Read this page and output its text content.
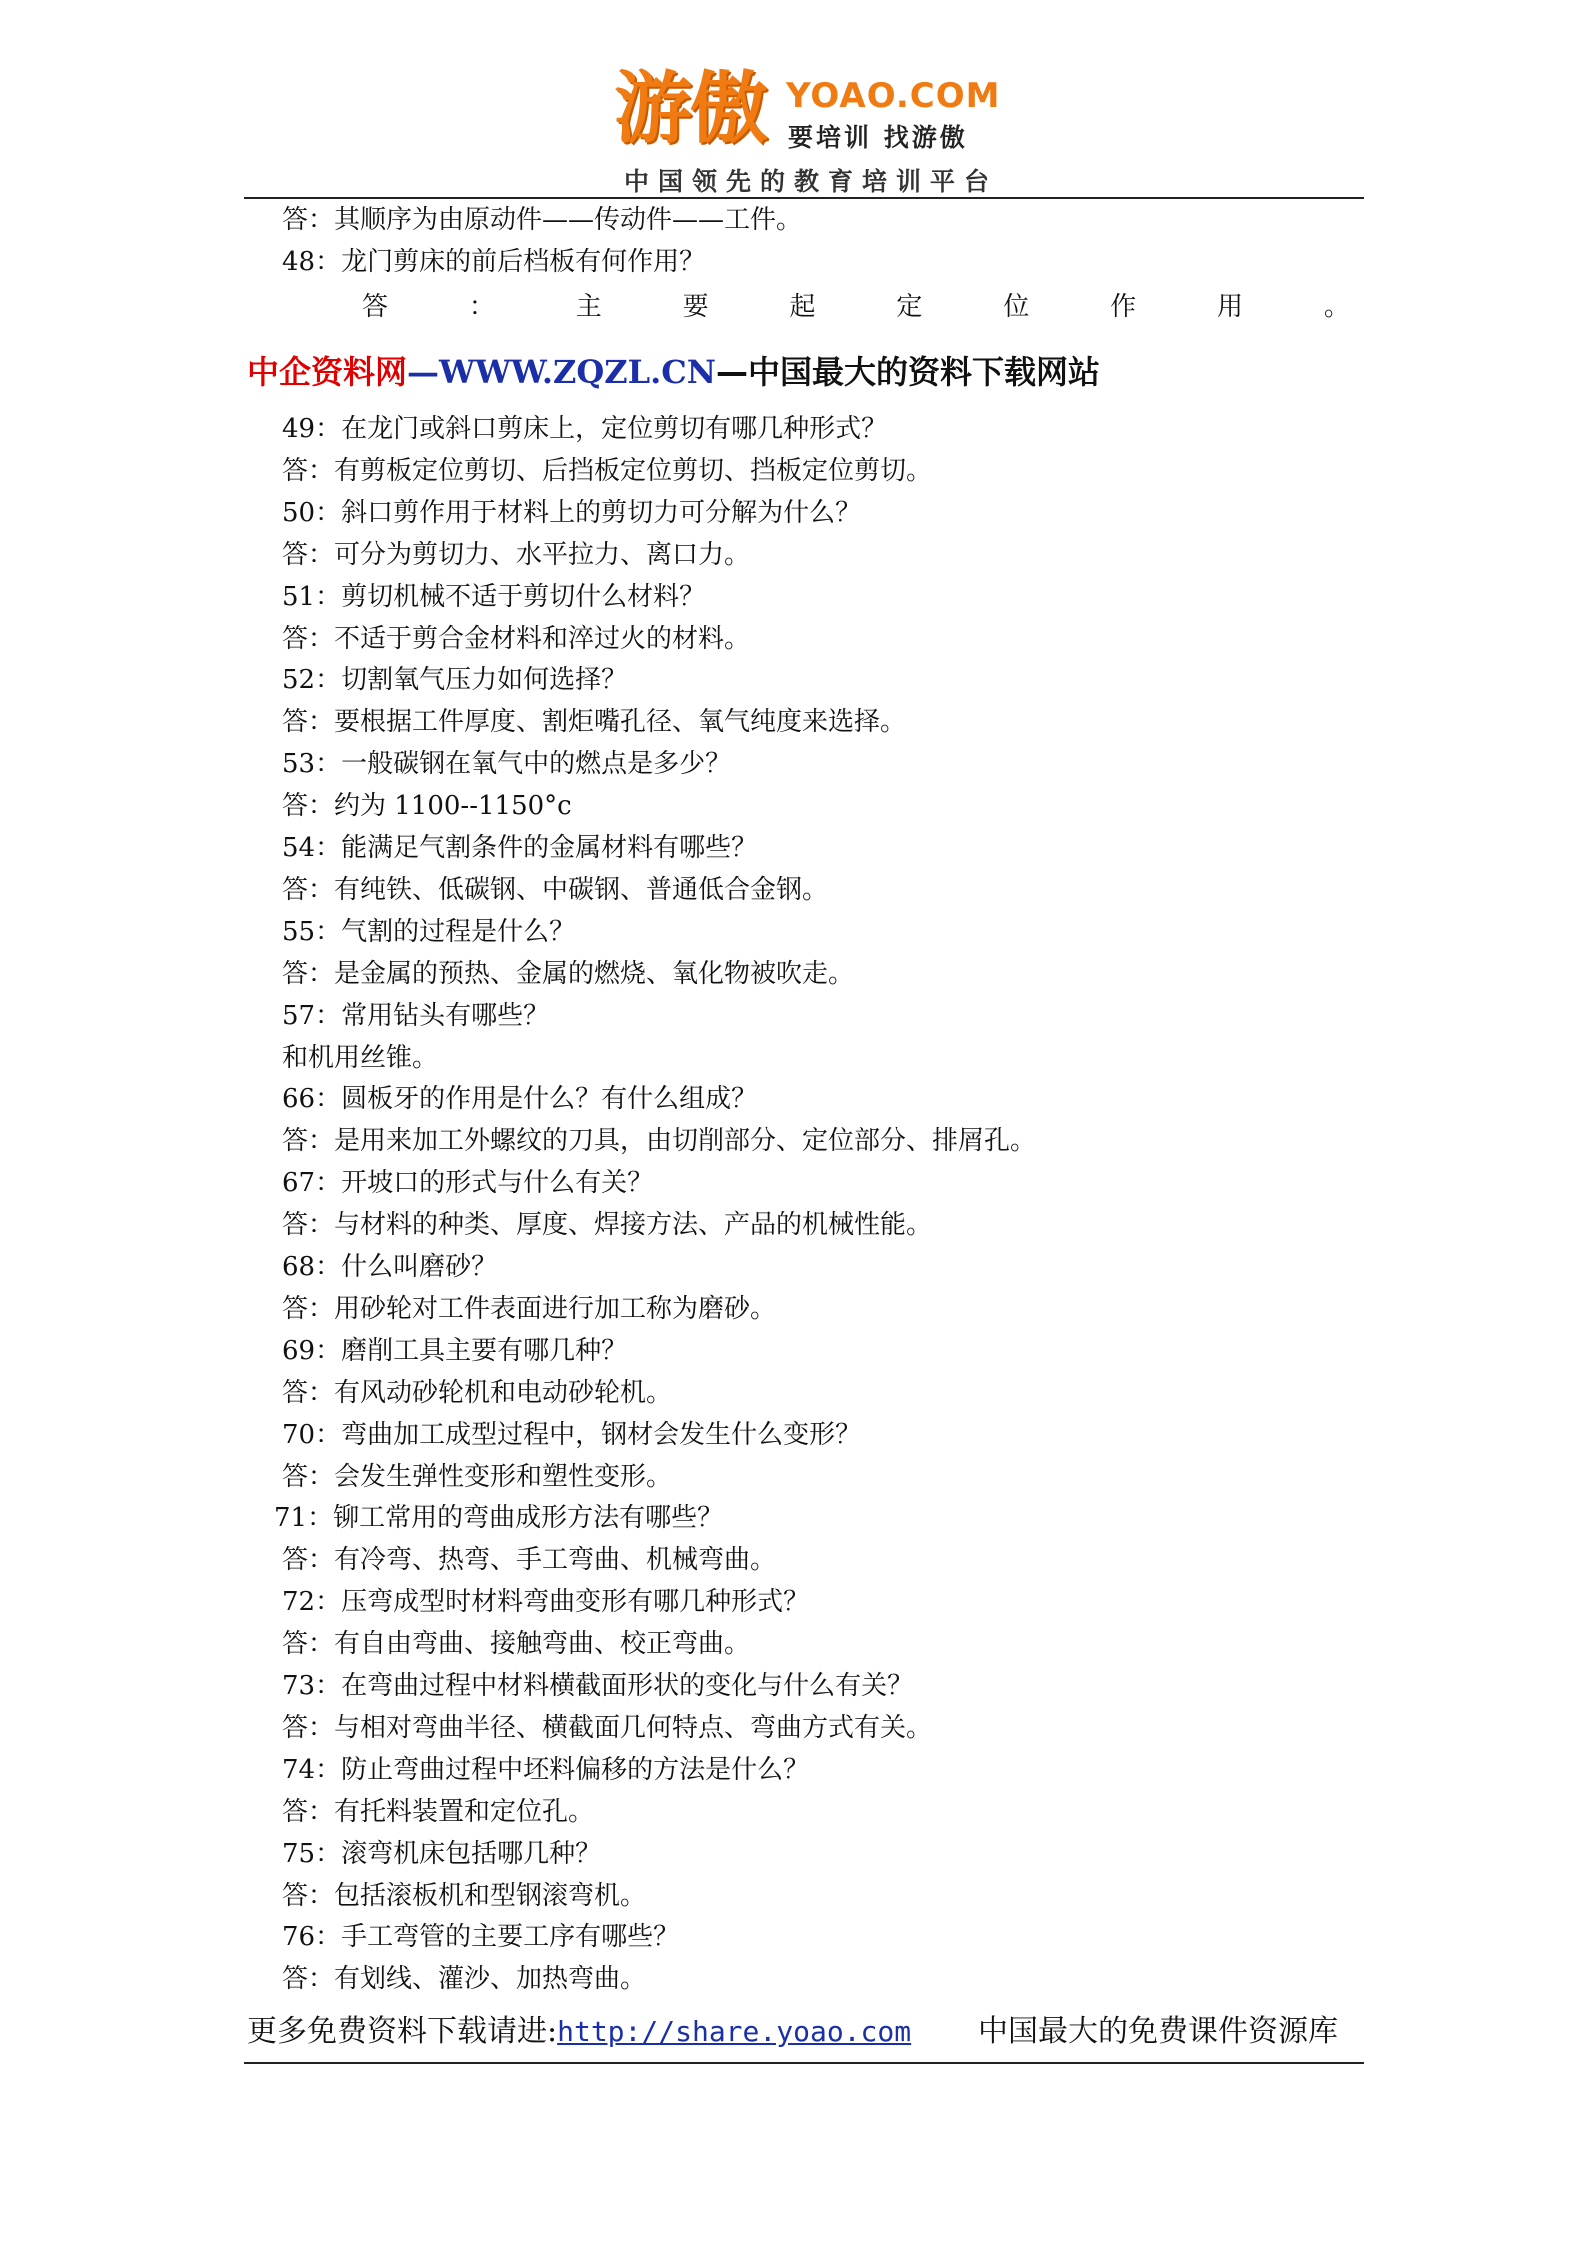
游傲 YOAO.COM
要培训 找游傲
中国领先的教育培训平台
答：其顺序为由原动件——传动件——工件。
48：龙门剪床的前后档板有何作用？
答	：	主	要	起	定	位	作	用	。
中企资料网—WWW.ZQZL.CN—中国最大的资料下载网站
49：在龙门或斜口剪床上，定位剪切有哪几种形式？
答：有剪板定位剪切、后挡板定位剪切、挡板定位剪切。
50：斜口剪作用于材料上的剪切力可分解为什么？
答：可分为剪切力、水平拉力、离口力。
51：剪切机械不适于剪切什么材料？
答：不适于剪合金材料和淬过火的材料。
52：切割氧气压力如何选择？
答：要根据工件厚度、割炬嘴孔径、氧气纯度来选择。
53：一般碳钢在氧气中的燃点是多少？
答：约为 1100--1150°c
54：能满足气割条件的金属材料有哪些？
答：有纯铁、低碳钢、中碳钢、普通低合金钢。
55：气割的过程是什么？
答：是金属的预热、金属的燃烧、氧化物被吹走。
57：常用钻头有哪些？
和机用丝锥。
66：圆板牙的作用是什么？有什么组成？
答：是用来加工外螺纹的刀具，由切削部分、定位部分、排屑孔。
67：开坡口的形式与什么有关？
答：与材料的种类、厚度、焊接方法、产品的机械性能。
68：什么叫磨砂？
答：用砂轮对工件表面进行加工称为磨砂。
69：磨削工具主要有哪几种？
答：有风动砂轮机和电动砂轮机。
70：弯曲加工成型过程中，钢材会发生什么变形？
答：会发生弹性变形和塑性变形。
71：铆工常用的弯曲成形方法有哪些？
答：有冷弯、热弯、手工弯曲、机械弯曲。
72：压弯成型时材料弯曲变形有哪几种形式？
答：有自由弯曲、接触弯曲、校正弯曲。
73：在弯曲过程中材料横截面形状的变化与什么有关？
答：与相对弯曲半径、横截面几何特点、弯曲方式有关。
74：防止弯曲过程中坯料偏移的方法是什么？
答：有托料装置和定位孔。
75：滚弯机床包括哪几种？
答：包括滚板机和型钢滚弯机。
76：手工弯管的主要工序有哪些？
答：有划线、灌沙、加热弯曲。
更多免费资料下载请进:http://share.yoao.com 中国最大的免费课件资源库
